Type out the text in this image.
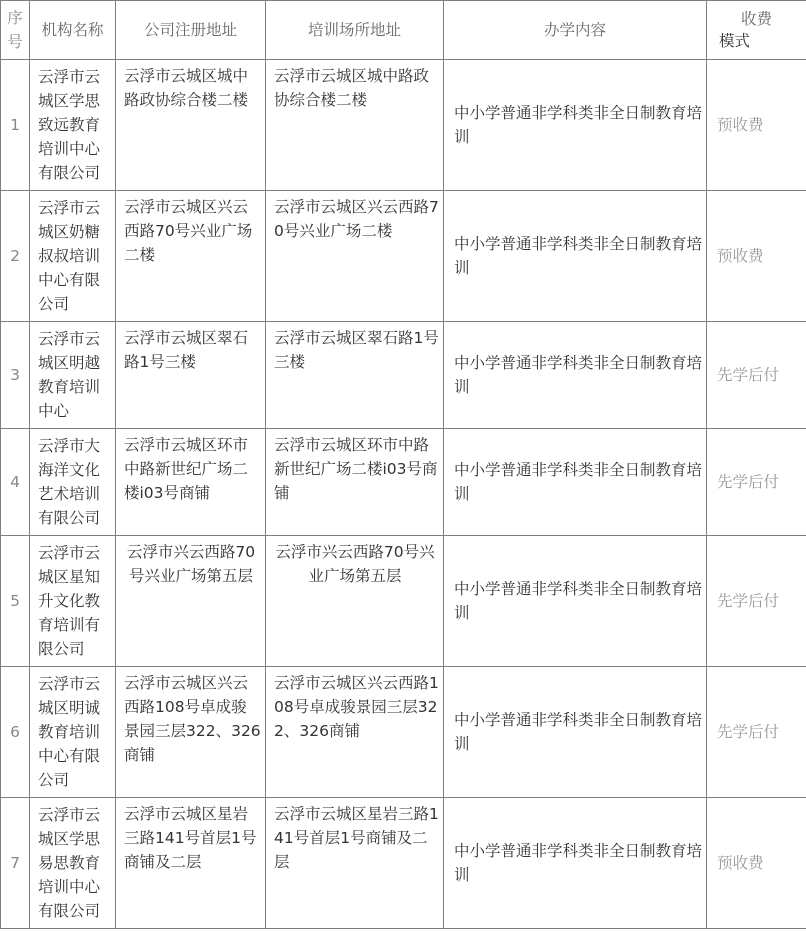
序号	机构名称	公司注册地址	培训场所地址	办学内容	收费
模式

1	云浮市云城区学思致远教育培训中心有限公司	云浮市云城区城中路政协综合楼二楼	云浮市云城区城中路政协综合楼二楼	中小学普通非学科类非全日制教育培训	预收费
2	云浮市云城区奶糖叔叔培训中心有限公司	云浮市云城区兴云西路70号兴业广场二楼	云浮市云城区兴云西路70号兴业广场二楼	中小学普通非学科类非全日制教育培训	预收费
3	云浮市云城区明越教育培训中心	云浮市云城区翠石路1号三楼	云浮市云城区翠石路1号三楼	中小学普通非学科类非全日制教育培训	先学后付
4	云浮市大海洋文化艺术培训有限公司	云浮市云城区环市中路新世纪广场二楼i03号商铺	云浮市云城区环市中路新世纪广场二楼i03号商铺	中小学普通非学科类非全日制教育培训	先学后付
5	云浮市云城区星知升文化教育培训有限公司	云浮市兴云西路70号兴业广场第五层	云浮市兴云西路70号兴业广场第五层	中小学普通非学科类非全日制教育培训	先学后付
6	云浮市云城区明诚教育培训中心有限公司	云浮市云城区兴云西路108号卓成骏景园三层322、326商铺	云浮市云城区兴云西路108号卓成骏景园三层322、326商铺	中小学普通非学科类非全日制教育培训	先学后付
7	云浮市云城区学思易思教育培训中心有限公司	云浮市云城区星岩三路141号首层1号商铺及二层	云浮市云城区星岩三路141号首层1号商铺及二层	中小学普通非学科类非全日制教育培训	预收费
